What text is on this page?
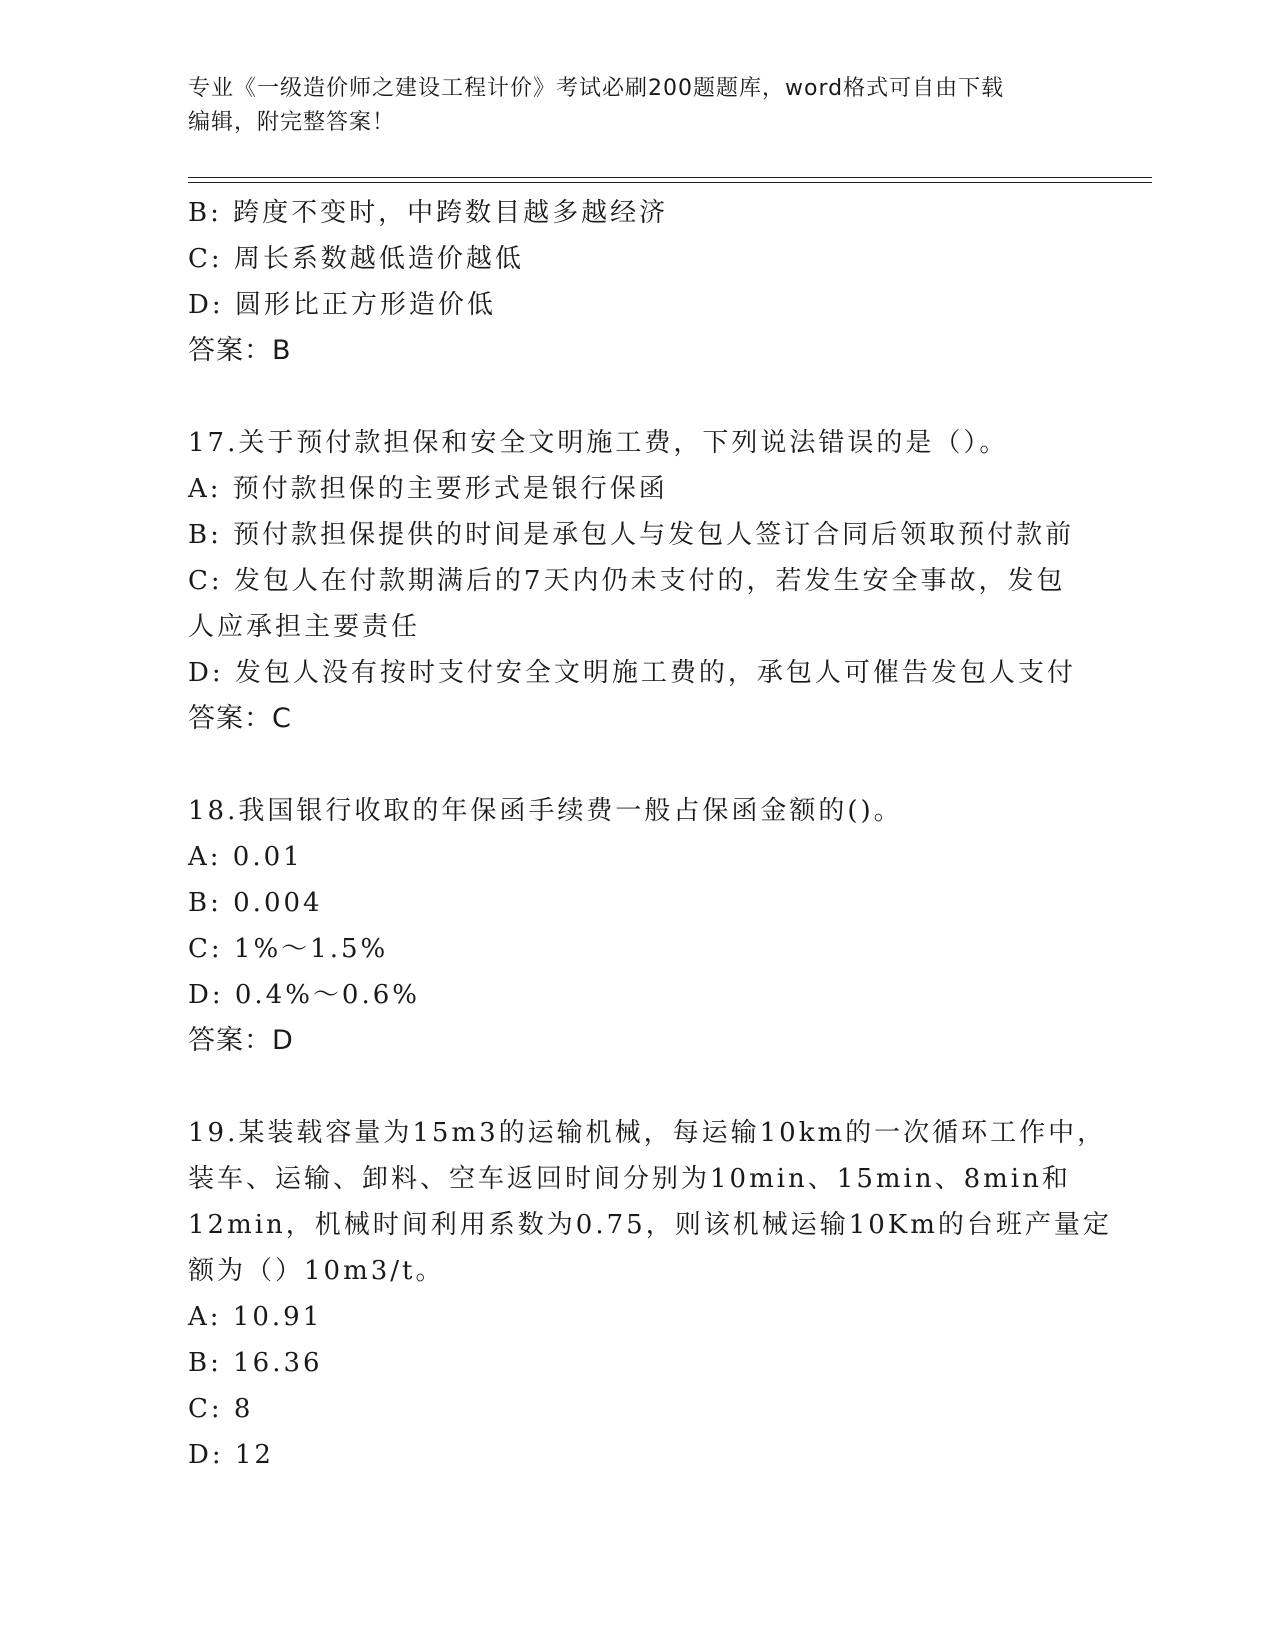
专业《一级造价师之建设工程计价》考试必刷200题题库，word格式可自由下载
编辑，附完整答案！
B: 跨度不变时，中跨数目越多越经济
C: 周长系数越低造价越低
D: 圆形比正方形造价低
答案：B
17.关于预付款担保和安全文明施工费，下列说法错误的是（）。
A: 预付款担保的主要形式是银行保函
B: 预付款担保提供的时间是承包人与发包人签订合同后领取预付款前
C: 发包人在付款期满后的7天内仍未支付的，若发生安全事故，发包
人应承担主要责任
D: 发包人没有按时支付安全文明施工费的，承包人可催告发包人支付
答案：C
18.我国银行收取的年保函手续费一般占保函金额的()。
A: 0.01
B: 0.004
C: 1%～1.5%
D: 0.4%～0.6%
答案：D
19.某装载容量为15m3的运输机械，每运输10km的一次循环工作中，
装车、运输、卸料、空车返回时间分别为10min、15min、8min和
12min，机械时间利用系数为0.75，则该机械运输10Km的台班产量定
额为（）10m3/t。
A: 10.91
B: 16.36
C: 8
D: 12
